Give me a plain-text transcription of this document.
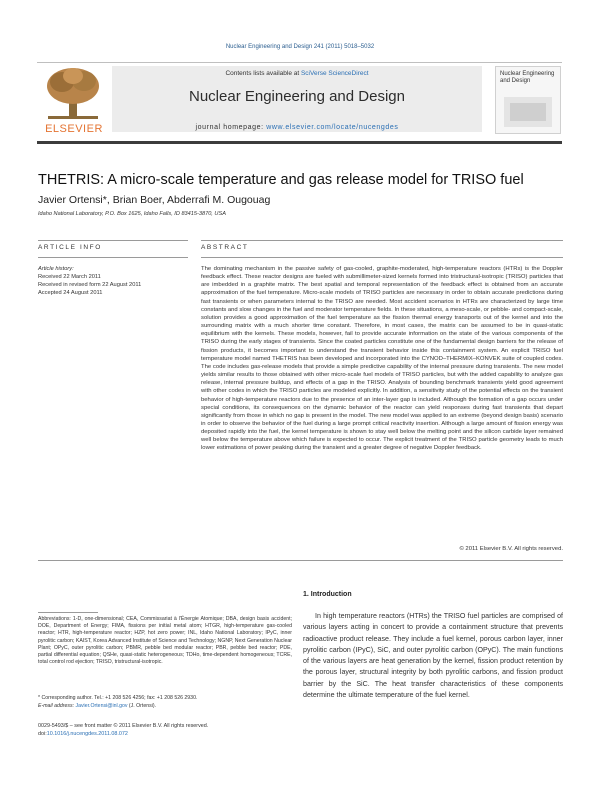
Nuclear Engineering and Design 241 (2011) 5018–5032
ELSEVIER
Contents lists available at SciVerse ScienceDirect
Nuclear Engineering and Design
journal homepage: www.elsevier.com/locate/nucengdes
Nuclear Engineering and Design
THETRIS: A micro-scale temperature and gas release model for TRISO fuel
Javier Ortensi*, Brian Boer, Abderrafi M. Ougouag
Idaho National Laboratory, P.O. Box 1625, Idaho Falls, ID 83415-3870, USA
ARTICLE INFO	ABSTRACT
Article history:
Received 22 March 2011
Received in revised form 22 August 2011
Accepted 24 August 2011

The dominating mechanism in the passive safety of gas-cooled, graphite-moderated, high-temperature reactors (HTRs) is the Doppler feedback effect. These reactor designs are fueled with submillimeter-sized kernels formed into tristructural-isotropic (TRISO) particles that are imbedded in a graphite matrix. The best spatial and temporal representation of the feedback effect is obtained from an accurate approximation of the fuel temperature. Micro-scale models of TRISO particles are necessary in order to obtain accurate predictions during fast transients or when parameters internal to the TRISO are needed. Most accident scenarios in HTRs are characterized by large time constants and slow changes in the fuel and moderator temperature fields. In these situations, a meso-scale, or pebble- and compact-scale, solution provides a good approximation of the fuel temperature as the fission thermal energy transports out of the kernel and into the surrounding matrix with a much shorter time constant. Therefore, in most cases, the matrix can be assumed to be in quasi-static equilibrium with the kernels. These models, however, fail to provide accurate information on the state of the various components of the TRISO during the early stages of transients. Since the coated particles constitute one of the fundamental design barriers for the release of fission products, it becomes important to understand the transient behavior inside this containment system. An explicit TRISO fuel temperature model named THETRIS has been developed and incorporated into the CYNOD–THERMIX–KONVEK suite of coupled codes. The code includes gas-release models that provide a simple predictive capability of the internal pressure during transients. The new model yields similar results to those obtained with other micro-scale fuel models of TRISO particles, but with the added capability to analyze gas release, internal pressure buildup, and effects of a gap in the TRISO. Analysis of bounding benchmark transients yield good agreement with other codes in which the TRISO particles are modeled explicitly. In addition, a sensitivity study of the potential effects on the transient behavior of high-temperature reactors due to the presence of an inter-layer gap is included. Although the formation of a gap occurs under special conditions, its consequences on the dynamic behavior of the reactor can yield responses during fast transients that depart significantly from those in which no gap is present in the model. The new model was applied to an extreme (beyond design basis) scenario in order to observe the behavior of the fuel during a large prompt critical reactivity insertion. Although a large amount of fission energy was deposited rapidly into the fuel, the kernel temperature is shown to stay well below the melting point and the silicon carbide layer remained well below the temperature above which failure is expected to occur. The explicit treatment of the TRISO particle geometry leads to much lower estimations of power peaking during the transient and a greater degree of negative Doppler feedback.

© 2011 Elsevier B.V. All rights reserved.

Abbreviations: 1-D, one-dimensional; CEA, Commissariat à l'Énergie Atomique; DBA, design basis accident; DOE, Department of Energy; FIMA, fissions per initial metal atom; HTGR, high-temperature gas-cooled reactor; HTR, high-temperature reactor; HZP, hot zero power; INL, Idaho National Laboratory; IPyC, inner pyrolitic carbon; KAIST, Korea Advanced Institute of Science and Technology; NGNP, Next Generation Nuclear Plant; OPyC, outer pyrolitic carbon; PBMR, pebble bed modular reactor; PBR, pebble bed reactor; PDE, partial differential equation; QSHe, quasi-static heterogeneous; TDHo, time-dependent homogeneous; TCRE, total control rod ejection; TRISO, tristructural-isotropic.

* Corresponding author. Tel.: +1 208 526 4256; fax: +1 208 526 2930.
E-mail address: Javier.Ortensi@inl.gov (J. Ortensi).
0029-5493/$ – see front matter © 2011 Elsevier B.V. All rights reserved.
doi:10.1016/j.nucengdes.2011.08.072
1. Introduction

In high temperature reactors (HTRs) the TRISO fuel particles are comprised of various layers acting in concert to provide a containment structure that prevents radioactive product release. They include a fuel kernel, porous carbon layer, inner pyrolitic carbon (IPyC), SiC, and outer pyrolitic carbon (OPyC). The main functions of the various layers are heat generation by the kernel, fission product retention by the porous layer, structural integrity by both pyrolitic carbons, and fission product barrier by the SiC. The heat transfer characteristics of these components determine the ultimate temperature of the fuel kernel.
